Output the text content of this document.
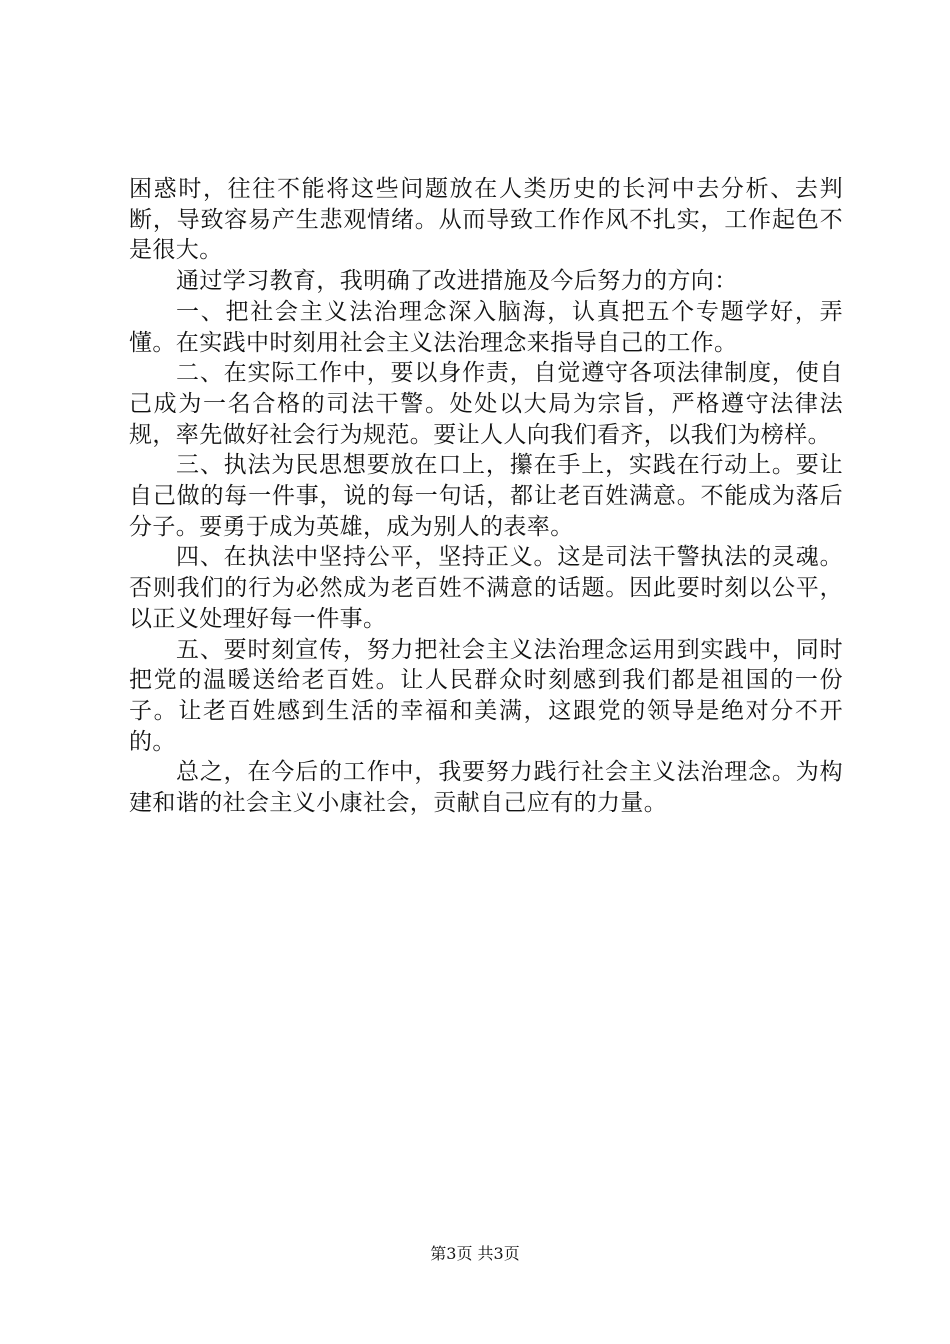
困惑时，往往不能将这些问题放在人类历史的长河中去分析、去判断，导致容易产生悲观情绪。从而导致工作作风不扎实，工作起色不是很大。

通过学习教育，我明确了改进措施及今后努力的方向：

一、把社会主义法治理念深入脑海，认真把五个专题学好，弄懂。在实践中时刻用社会主义法治理念来指导自己的工作。

二、在实际工作中，要以身作责，自觉遵守各项法律制度，使自己成为一名合格的司法干警。处处以大局为宗旨，严格遵守法律法规，率先做好社会行为规范。要让人人向我们看齐，以我们为榜样。

三、执法为民思想要放在口上，攥在手上，实践在行动上。要让自己做的每一件事，说的每一句话，都让老百姓满意。不能成为落后分子。要勇于成为英雄，成为别人的表率。

四、在执法中坚持公平，坚持正义。这是司法干警执法的灵魂。否则我们的行为必然成为老百姓不满意的话题。因此要时刻以公平，以正义处理好每一件事。

五、要时刻宣传，努力把社会主义法治理念运用到实践中，同时把党的温暖送给老百姓。让人民群众时刻感到我们都是祖国的一份子。让老百姓感到生活的幸福和美满，这跟党的领导是绝对分不开的。

总之，在今后的工作中，我要努力践行社会主义法治理念。为构建和谐的社会主义小康社会，贡献自己应有的力量。

第3页 共3页
